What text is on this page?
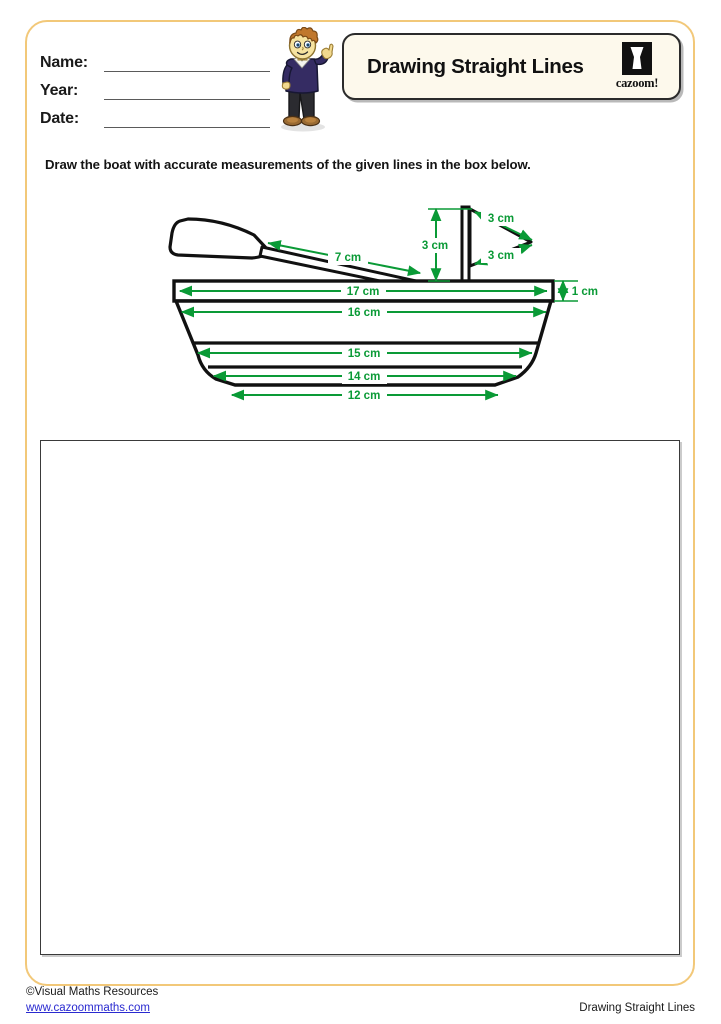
Name:
Year:
Date:
Drawing Straight Lines
cazoom!
Draw the boat with accurate measurements of the given lines in the box below.
7 cm
3 cm
3 cm
3 cm
17 cm	1 cm
16 cm
15 cm
14 cm
12 cm
©Visual Maths Resources
www.cazoommaths.com	Drawing Straight Lines
